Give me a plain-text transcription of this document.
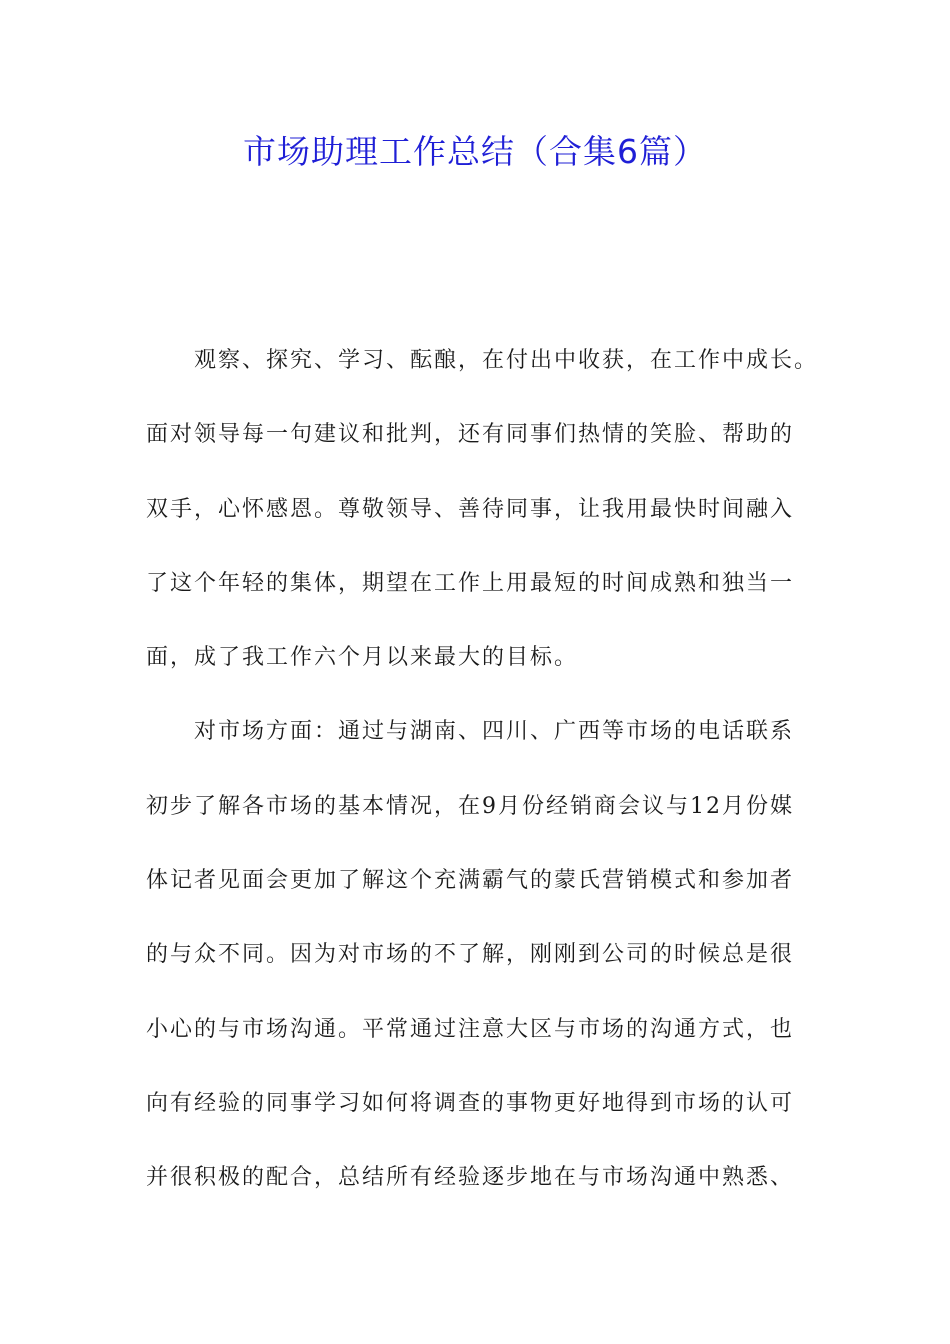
市场助理工作总结（合集6篇）
观察、探究、学习、酝酿，在付出中收获，在工作中成长。
面对领导每一句建议和批判，还有同事们热情的笑脸、帮助的
双手，心怀感恩。尊敬领导、善待同事，让我用最快时间融入
了这个年轻的集体，期望在工作上用最短的时间成熟和独当一
面，成了我工作六个月以来最大的目标。
对市场方面：通过与湖南、四川、广西等市场的电话联系
初步了解各市场的基本情况，在9月份经销商会议与12月份媒
体记者见面会更加了解这个充满霸气的蒙氏营销模式和参加者
的与众不同。因为对市场的不了解，刚刚到公司的时候总是很
小心的与市场沟通。平常通过注意大区与市场的沟通方式，也
向有经验的同事学习如何将调查的事物更好地得到市场的认可
并很积极的配合，总结所有经验逐步地在与市场沟通中熟悉、
